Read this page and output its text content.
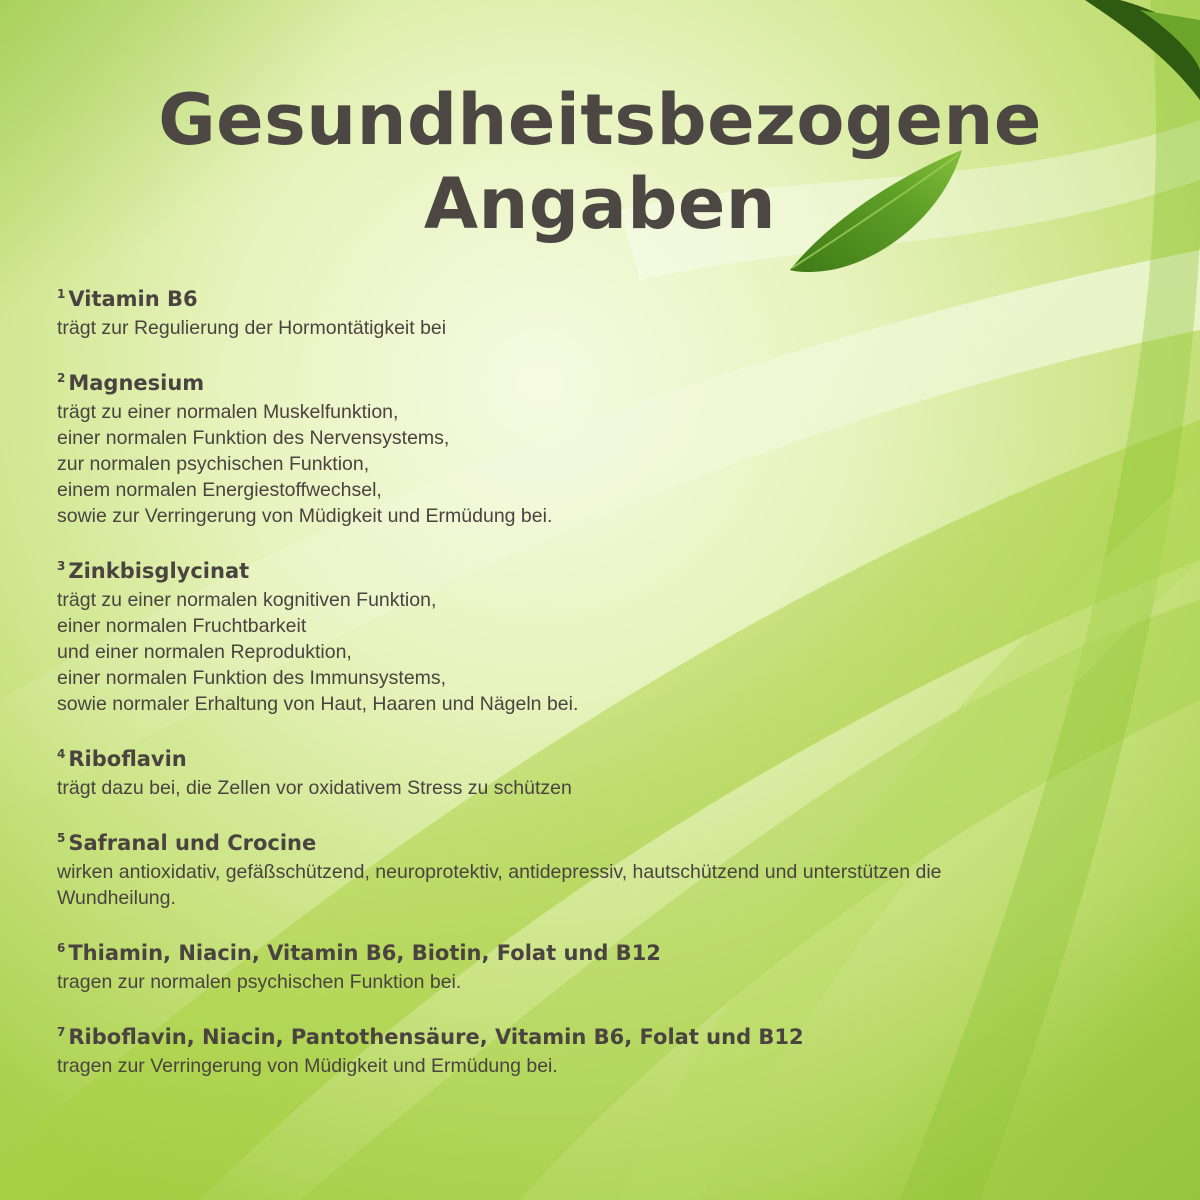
Gesundheitsbezogene
Angaben
$^1$ Vitamin B6
trägt zur Regulierung der Hormontätigkeit bei
$^2$ Magnesium
trägt zu einer normalen Muskelfunktion,
einer normalen Funktion des Nervensystems,
zur normalen psychischen Funktion,
einem normalen Energiestoffwechsel,
sowie zur Verringerung von Müdigkeit und Ermüdung bei.
$^3$ Zinkbisglycinat
trägt zu einer normalen kognitiven Funktion,
einer normalen Fruchtbarkeit
und einer normalen Reproduktion,
einer normalen Funktion des Immunsystems,
sowie normaler Erhaltung von Haut, Haaren und Nägeln bei.
$^4$ Riboflavin
trägt dazu bei, die Zellen vor oxidativem Stress zu schützen
$^5$ Safranal und Crocine
wirken antioxidativ, gefäßschützend, neuroprotektiv, antidepressiv, hautschützend und unterstützen die
Wundheilung.
$^6$ Thiamin, Niacin, Vitamin B6, Biotin, Folat und B12
tragen zur normalen psychischen Funktion bei.
$^7$ Riboflavin, Niacin, Pantothensäure, Vitamin B6, Folat und B12
tragen zur Verringerung von Müdigkeit und Ermüdung bei.
